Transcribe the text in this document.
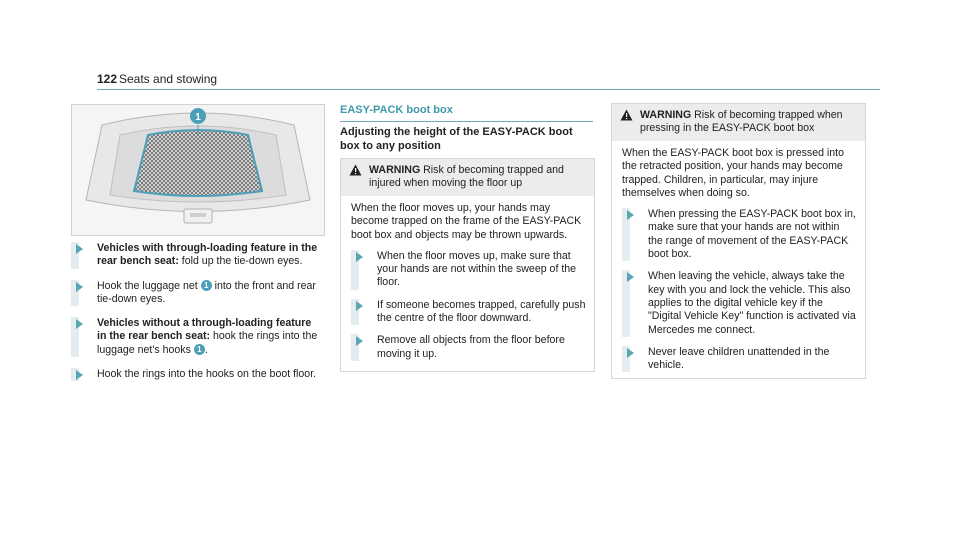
122 Seats and stowing
1
Vehicles with through-loading feature in the rear bench seat: fold up the tie-down eyes.
Hook the luggage net 1 into the front and rear tie-down eyes.
Vehicles without a through-loading feature in the rear bench seat: hook the rings into the luggage net's hooks 1 .
Hook the rings into the hooks on the boot floor.
EASY-PACK boot box
Adjusting the height of the EASY-PACK boot box to any position
WARNING Risk of becoming trapped and injured when moving the floor up

When the floor moves up, your hands may become trapped on the frame of the EASY-PACK boot box and objects may be thrown upwards.

When the floor moves up, make sure that your hands are not within the sweep of the floor.
If someone becomes trapped, carefully push the centre of the floor downward.
Remove all objects from the floor before moving it up.
WARNING Risk of becoming trapped when pressing in the EASY-PACK boot box

When the EASY-PACK boot box is pressed into the retracted position, your hands may become trapped. Children, in particular, may injure themselves when doing so.

When pressing the EASY-PACK boot box in, make sure that your hands are not within the range of movement of the EASY-PACK boot box.
When leaving the vehicle, always take the key with you and lock the vehicle. This also applies to the digital vehicle key if the "Digital Vehicle Key" function is activated via Mercedes me connect.
Never leave children unattended in the vehicle.
